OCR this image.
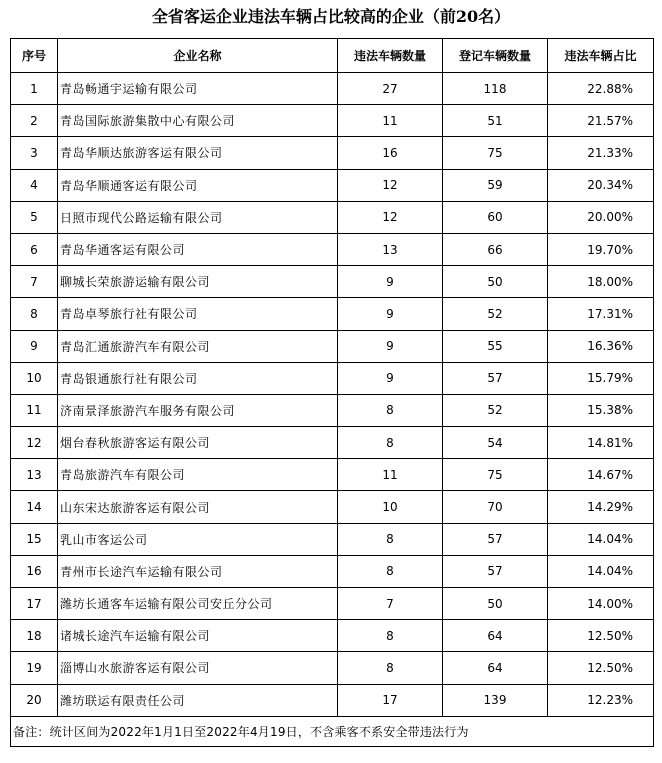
全省客运企业违法车辆占比较高的企业（前20名）
序号	企业名称	违法车辆数量	登记车辆数量	违法车辆占比
1	青岛畅通宇运输有限公司	27	118	22.88%
2	青岛国际旅游集散中心有限公司	11	51	21.57%
3	青岛华顺达旅游客运有限公司	16	75	21.33%
4	青岛华顺通客运有限公司	12	59	20.34%
5	日照市现代公路运输有限公司	12	60	20.00%
6	青岛华通客运有限公司	13	66	19.70%
7	聊城长荣旅游运输有限公司	9	50	18.00%
8	青岛卓琴旅行社有限公司	9	52	17.31%
9	青岛汇通旅游汽车有限公司	9	55	16.36%
10	青岛银通旅行社有限公司	9	57	15.79%
11	济南景泽旅游汽车服务有限公司	8	52	15.38%
12	烟台春秋旅游客运有限公司	8	54	14.81%
13	青岛旅游汽车有限公司	11	75	14.67%
14	山东宋达旅游客运有限公司	10	70	14.29%
15	乳山市客运公司	8	57	14.04%
16	青州市长途汽车运输有限公司	8	57	14.04%
17	潍坊长通客车运输有限公司安丘分公司	7	50	14.00%
18	诸城长途汽车运输有限公司	8	64	12.50%
19	淄博山水旅游客运有限公司	8	64	12.50%
20	潍坊联运有限责任公司	17	139	12.23%
备注：统计区间为2022年1月1日至2022年4月19日，不含乘客不系安全带违法行为				
